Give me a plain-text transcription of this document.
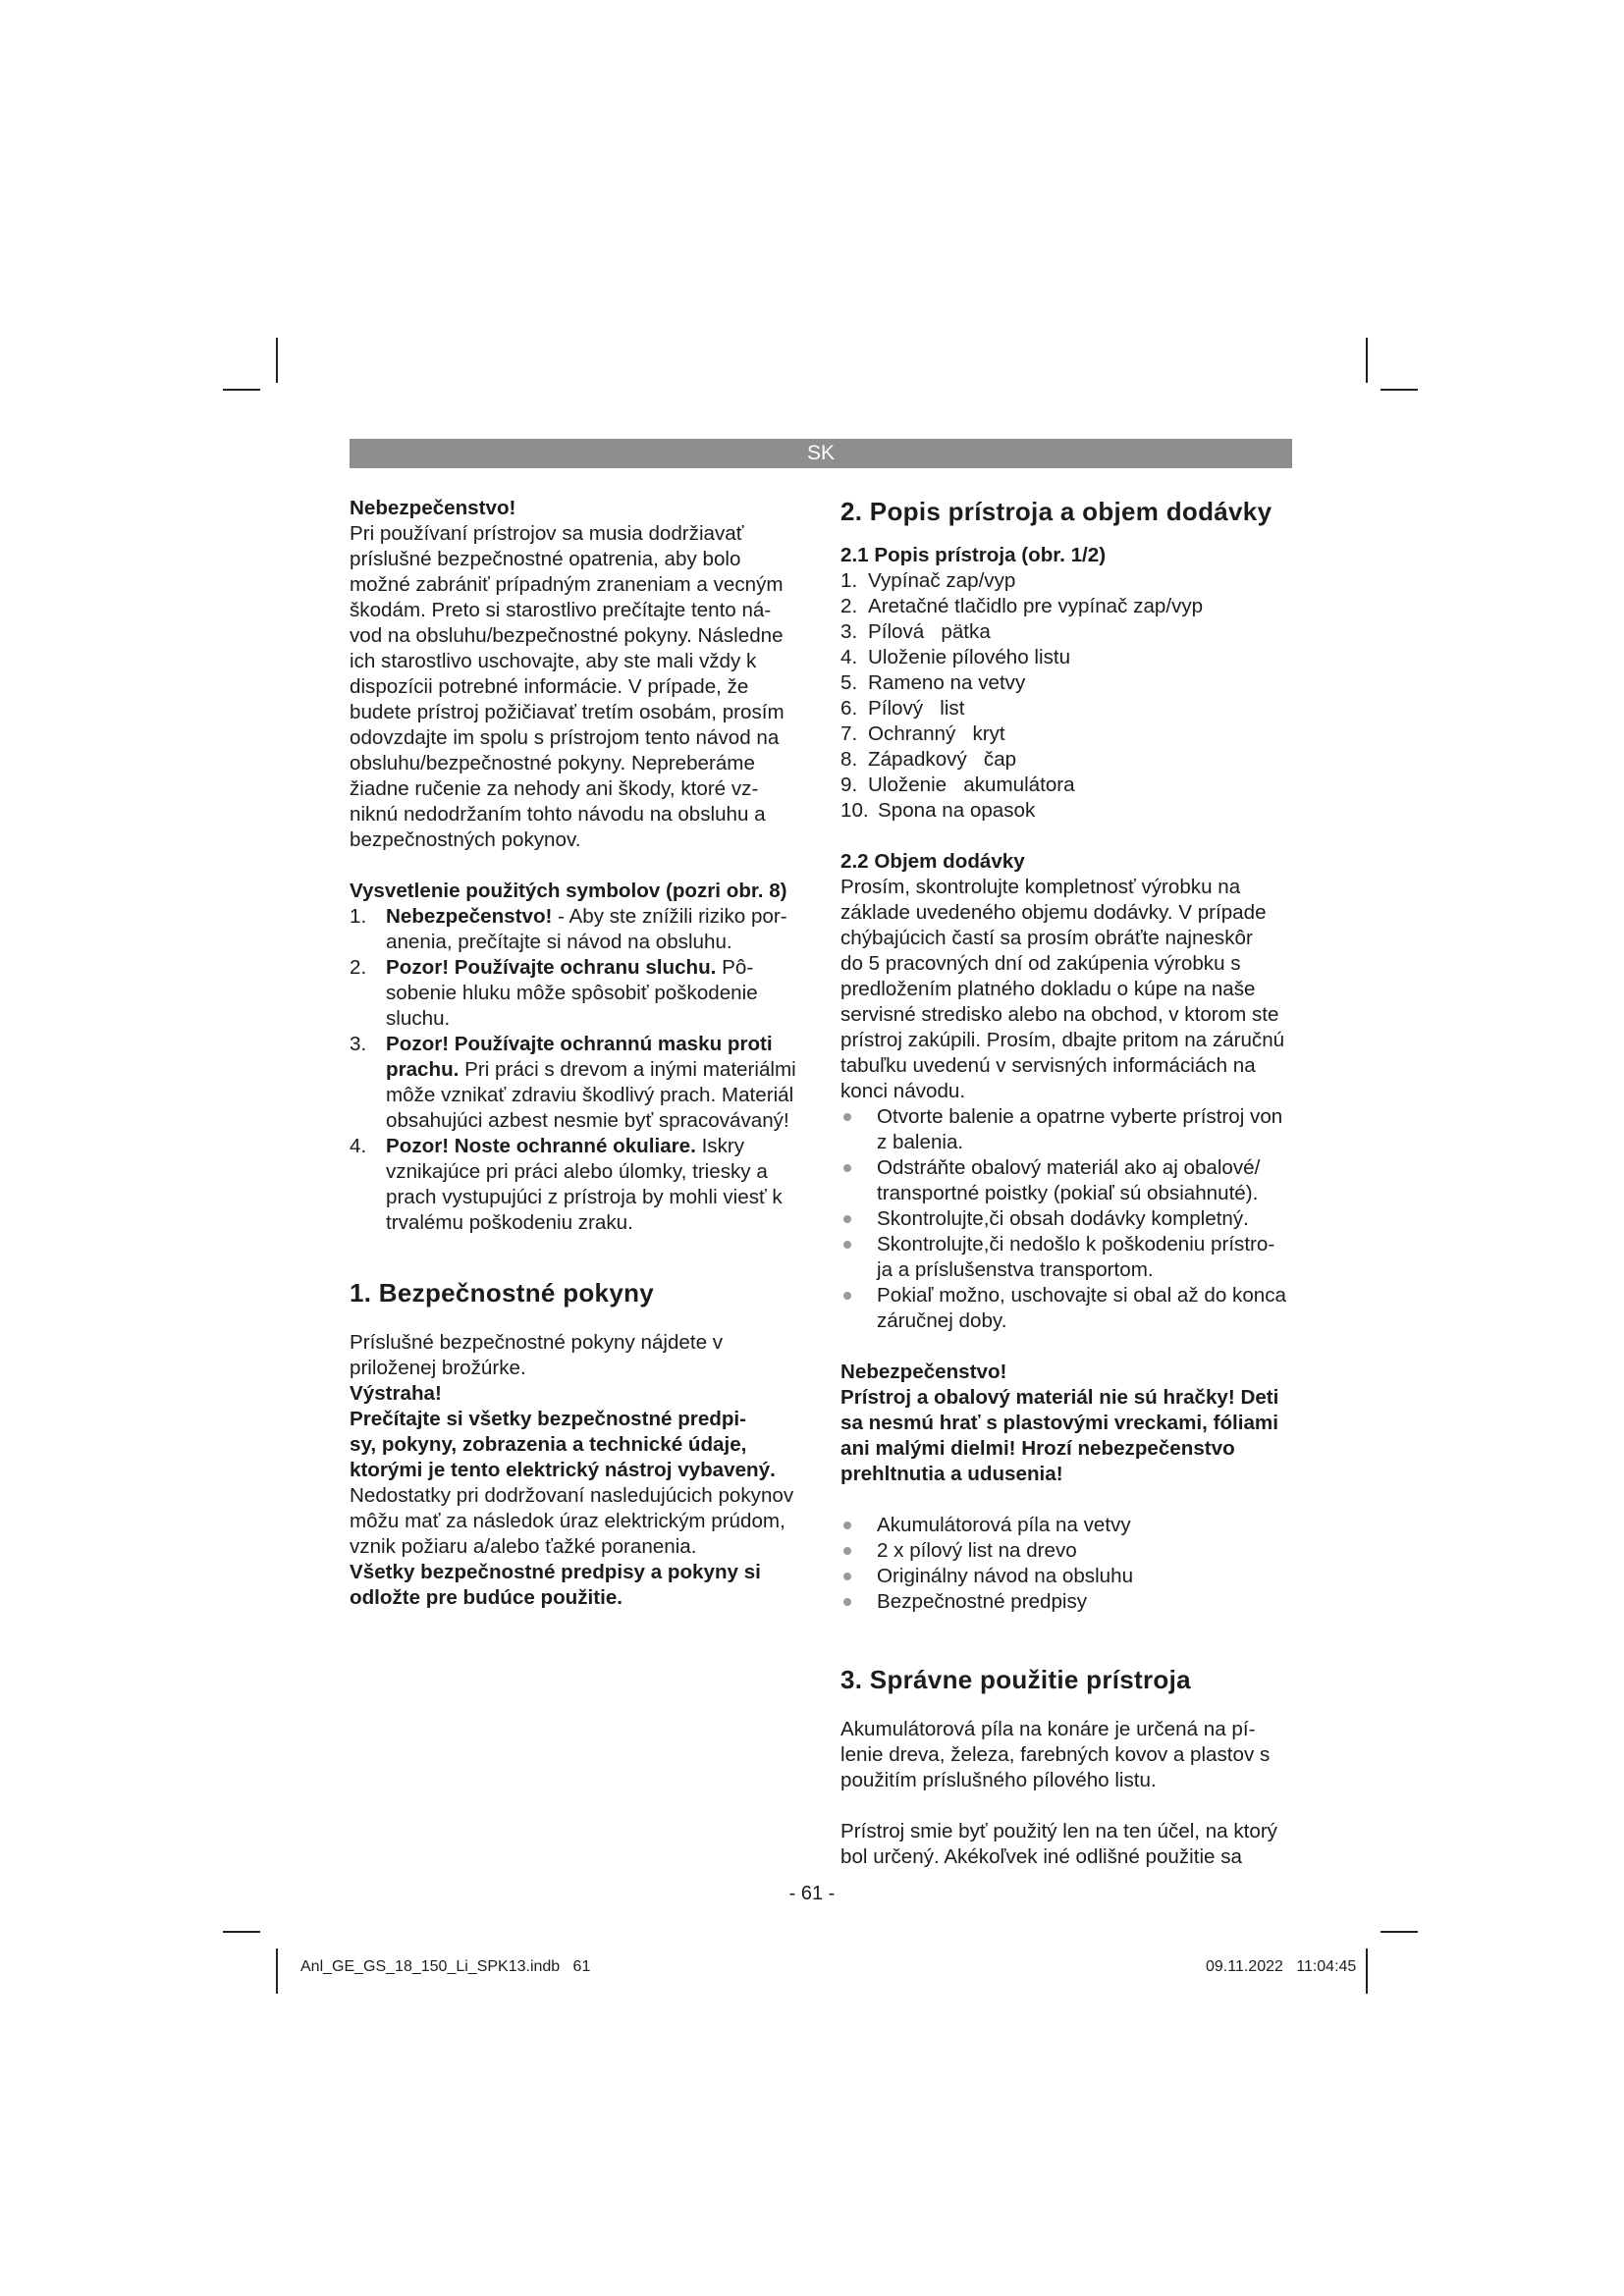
SK

Nebezpečenstvo!

Pri používaní prístrojov sa musia dodržiavať

príslušné bezpečnostné opatrenia, aby bolo

možné zabrániť prípadným zraneniam a vecným

škodám. Preto si starostlivo prečítajte tento ná-

vod na obsluhu/bezpečnostné pokyny. Následne

ich starostlivo uschovajte, aby ste mali vždy k

dispozícii potrebné informácie. V prípade, že

budete prístroj požičiavať tretím osobám, prosím

odovzdajte im spolu s prístrojom tento návod na

obsluhu/bezpečnostné pokyny. Nepreberáme

žiadne ručenie za nehody ani škody, ktoré vz-

niknú nedodržaním tohto návodu na obsluhu a

bezpečnostných pokynov.

Vysvetlenie použitých symbolov (pozri obr. 8)

1. Nebezpečenstvo! - Aby ste znížili riziko por-
anenia, prečítajte si návod na obsluhu.
2. Pozor! Používajte ochranu sluchu. Pô-
sobenie hluku môže spôsobiť poškodenie
sluchu.
3. Pozor! Používajte ochrannú masku proti
prachu. Pri práci s drevom a inými materiálmi
môže vznikať zdraviu škodlivý prach. Materiál
obsahujúci azbest nesmie byť spracovávaný!
4. Pozor! Noste ochranné okuliare. Iskry
vznikajúce pri práci alebo úlomky, triesky a
prach vystupujúci z prístroja by mohli viesť k
trvalému poškodeniu zraku.

1. Bezpečnostné pokyny

Príslušné bezpečnostné pokyny nájdete v

priloženej brožúrke.

Výstraha!

Prečítajte si všetky bezpečnostné predpi-

sy, pokyny, zobrazenia a technické údaje,

ktorými je tento elektrický nástroj vybavený.

Nedostatky pri dodržovaní nasledujúcich pokynov

môžu mať za následok úraz elektrickým prúdom,

vznik požiaru a/alebo ťažké poranenia.

Všetky bezpečnostné predpisy a pokyny si

odložte pre budúce použitie.

2. Popis prístroja a objem dodávky

2.1 Popis prístroja (obr. 1/2)

1. Vypínač zap/vyp
2. Aretačné tlačidlo pre vypínač zap/vyp
3. Pílová   pätka
4. Uloženie pílového listu
5. Rameno na vetvy
6. Pílový   list
7. Ochranný   kryt
8. Západkový   čap
9. Uloženie   akumulátora
10. Spona na opasok

2.2 Objem dodávky

Prosím, skontrolujte kompletnosť výrobku na

základe uvedeného objemu dodávky. V prípade

chýbajúcich častí sa prosím obráťte najneskôr

do 5 pracovných dní od zakúpenia výrobku s

predložením platného dokladu o kúpe na naše

servisné stredisko alebo na obchod, v ktorom ste

prístroj zakúpili. Prosím, dbajte pritom na záručnú

tabuľku uvedenú v servisných informáciách na

konci návodu.

Otvorte balenie a opatrne vyberte prístroj von
z balenia.
Odstráňte obalový materiál ako aj obalové/
transportné poistky (pokiaľ sú obsiahnuté).
Skontrolujte,či obsah dodávky kompletný.
Skontrolujte,či nedošlo k poškodeniu prístro-
ja a príslušenstva transportom.
Pokiaľ možno, uschovajte si obal až do konca
záručnej doby.

Nebezpečenstvo!

Prístroj a obalový materiál nie sú hračky! Deti

sa nesmú hrať s plastovými vreckami, fóliami

ani malými dielmi! Hrozí nebezpečenstvo

prehltnutia a udusenia!

Akumulátorová píla na vetvy
2 x pílový list na drevo
Originálny návod na obsluhu
Bezpečnostné predpisy

3. Správne použitie prístroja

Akumulátorová píla na konáre je určená na pí-

lenie dreva, železa, farebných kovov a plastov s

použitím príslušného pílového listu.

Prístroj smie byť použitý len na ten účel, na ktorý

bol určený. Akékoľvek iné odlišné použitie sa

- 61 -
Anl_GE_GS_18_150_Li_SPK13.indb   61	09.11.2022   11:04:45
